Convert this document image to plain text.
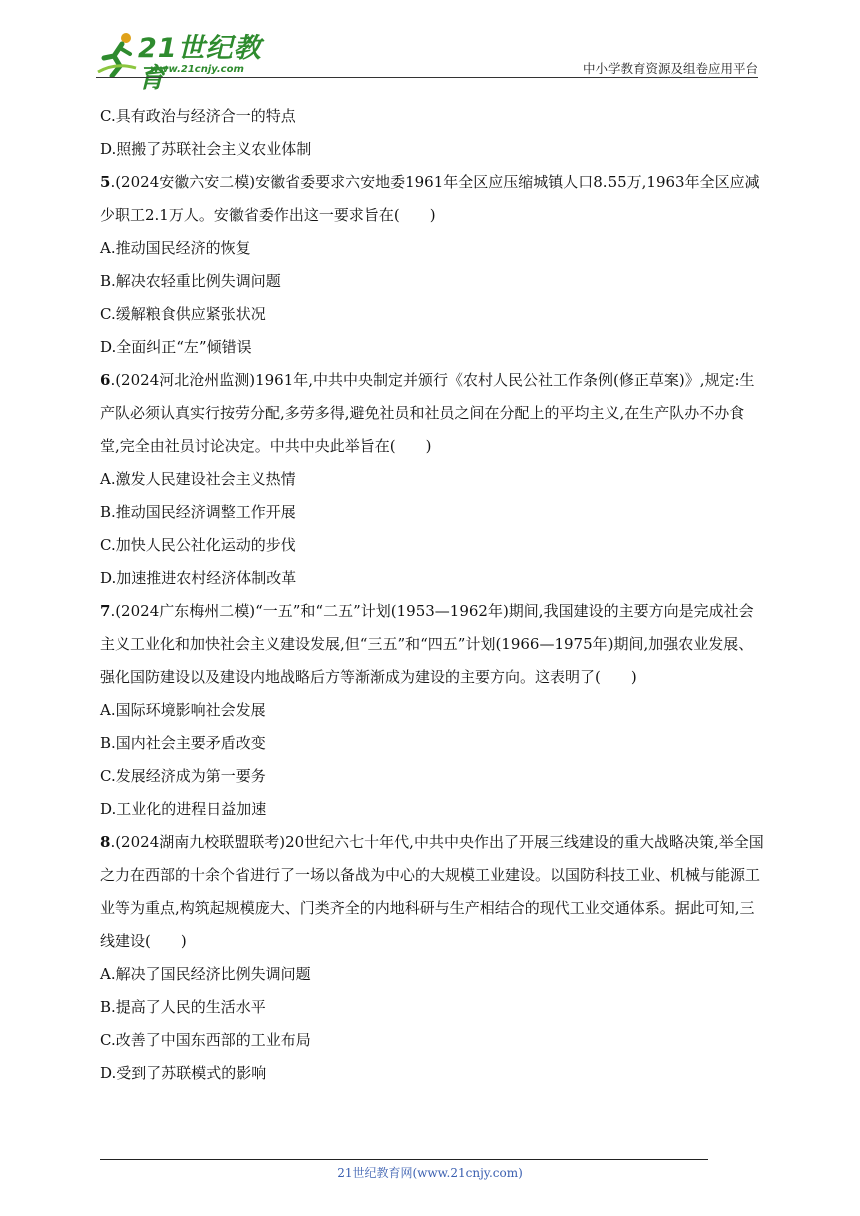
21世纪教育
www.21cnjy.com	中小学教育资源及组卷应用平台

C.具有政治与经济合一的特点

D.照搬了苏联社会主义农业体制

5.(2024安徽六安二模)安徽省委要求六安地委1961年全区应压缩城镇人口8.55万,1963年全区应减少职工2.1万人。安徽省委作出这一要求旨在(　　)

A.推动国民经济的恢复

B.解决农轻重比例失调问题

C.缓解粮食供应紧张状况

D.全面纠正“左”倾错误

6.(2024河北沧州监测)1961年,中共中央制定并颁行《农村人民公社工作条例(修正草案)》,规定:生产队必须认真实行按劳分配,多劳多得,避免社员和社员之间在分配上的平均主义,在生产队办不办食堂,完全由社员讨论决定。中共中央此举旨在(　　)

A.激发人民建设社会主义热情

B.推动国民经济调整工作开展

C.加快人民公社化运动的步伐

D.加速推进农村经济体制改革

7.(2024广东梅州二模)“一五”和“二五”计划(1953—1962年)期间,我国建设的主要方向是完成社会主义工业化和加快社会主义建设发展,但“三五”和“四五”计划(1966—1975年)期间,加强农业发展、强化国防建设以及建设内地战略后方等渐渐成为建设的主要方向。这表明了(　　)

A.国际环境影响社会发展

B.国内社会主要矛盾改变

C.发展经济成为第一要务

D.工业化的进程日益加速

8.(2024湖南九校联盟联考)20世纪六七十年代,中共中央作出了开展三线建设的重大战略决策,举全国之力在西部的十余个省进行了一场以备战为中心的大规模工业建设。以国防科技工业、机械与能源工业等为重点,构筑起规模庞大、门类齐全的内地科研与生产相结合的现代工业交通体系。据此可知,三线建设(　　)

A.解决了国民经济比例失调问题

B.提高了人民的生活水平

C.改善了中国东西部的工业布局

D.受到了苏联模式的影响

21世纪教育网(www.21cnjy.com)
